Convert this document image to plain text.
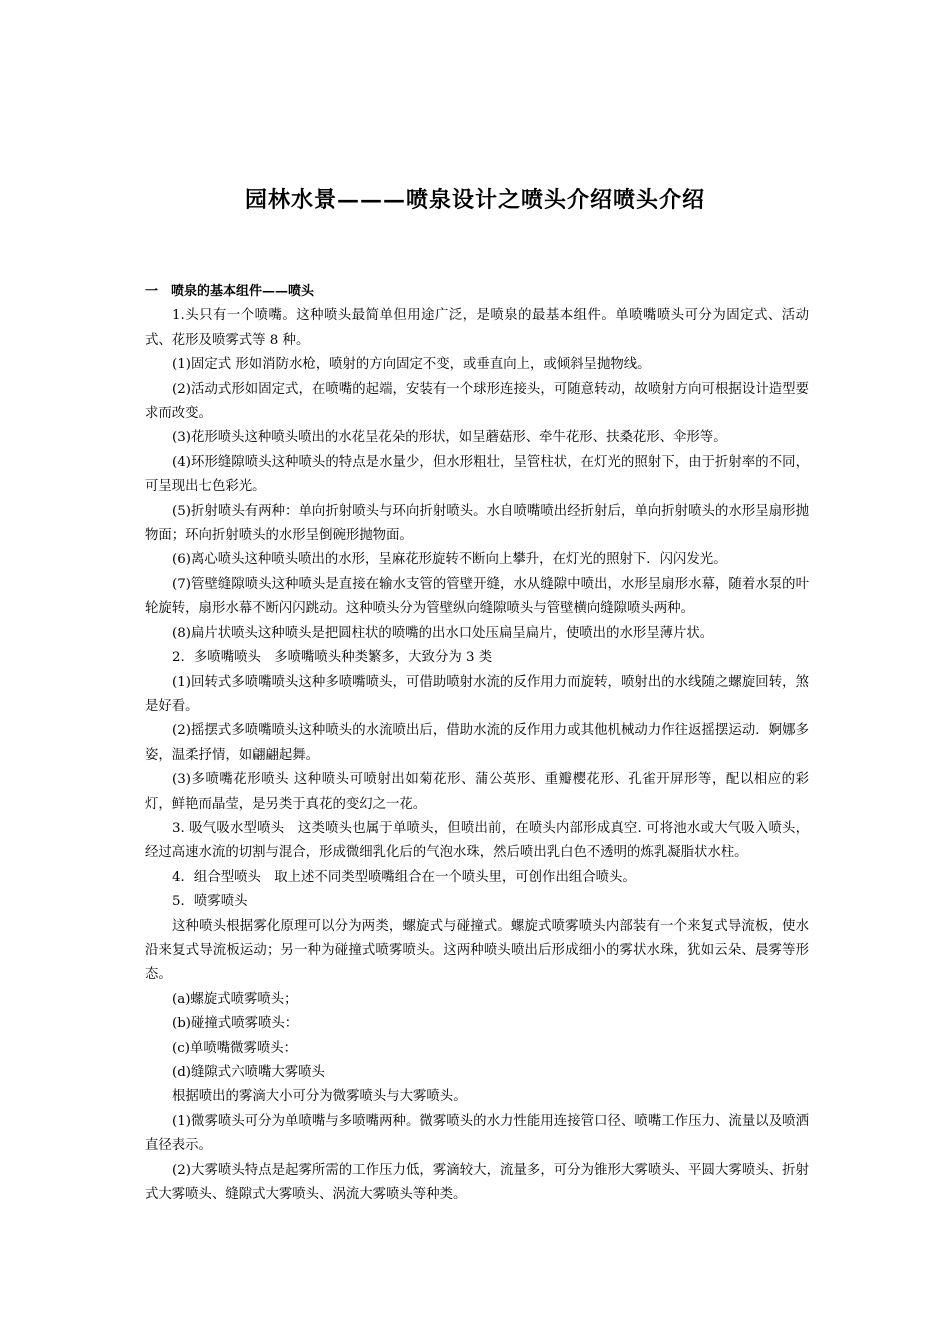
园林水景———喷泉设计之喷头介绍喷头介绍

一　喷泉的基本组件——喷头

1.头只有一个喷嘴。这种喷头最简单但用途广泛，是喷泉的最基本组件。单喷嘴喷头可分为固定式、活动式、花形及喷雾式等 8 种。

(1)固定式 形如消防水枪，喷射的方向固定不变，或垂直向上，或倾斜呈抛物线。

(2)活动式形如固定式，在喷嘴的起端，安装有一个球形连接头，可随意转动，故喷射方向可根据设计造型要求而改变。

(3)花形喷头这种喷头喷出的水花呈花朵的形状，如呈蘑菇形、牵牛花形、扶桑花形、伞形等。

(4)环形缝隙喷头这种喷头的特点是水量少，但水形粗壮，呈管柱状，在灯光的照射下，由于折射率的不同，可呈现出七色彩光。

(5)折射喷头有两种：单向折射喷头与环向折射喷头。水自喷嘴喷出经折射后，单向折射喷头的水形呈扇形抛物面；环向折射喷头的水形呈倒碗形抛物面。

(6)离心喷头这种喷头喷出的水形，呈麻花形旋转不断向上攀升，在灯光的照射下．闪闪发光。

(7)管壁缝隙喷头这种喷头是直接在输水支管的管壁开缝，水从缝隙中喷出，水形呈扇形水幕，随着水泵的叶轮旋转，扇形水幕不断闪闪跳动。这种喷头分为管壁纵向缝隙喷头与管壁横向缝隙喷头两种。

(8)扁片状喷头这种喷头是把圆柱状的喷嘴的出水口处压扁呈扁片，使喷出的水形呈薄片状。

2．多喷嘴喷头　多喷嘴喷头种类繁多，大致分为 3 类

(1)回转式多喷嘴喷头这种多喷嘴喷头，可借助喷射水流的反作用力而旋转，喷射出的水线随之螺旋回转，煞是好看。

(2)摇摆式多喷嘴喷头这种喷头的水流喷出后，借助水流的反作用力或其他机械动力作往返摇摆运动．婀娜多姿，温柔抒情，如翩翩起舞。

(3)多喷嘴花形喷头 这种喷头可喷射出如菊花形、蒲公英形、重瓣樱花形、孔雀开屏形等，配以相应的彩灯，鲜艳而晶莹，是另类于真花的变幻之一花。

3. 吸气吸水型喷头　这类喷头也属于单喷头，但喷出前，在喷头内部形成真空. 可将池水或大气吸入喷头，经过高速水流的切割与混合，形成微细乳化后的气泡水珠，然后喷出乳白色不透明的炼乳凝脂状水柱。

4．组合型喷头　取上述不同类型喷嘴组合在一个喷头里，可创作出组合喷头。

5．喷雾喷头

这种喷头根据雾化原理可以分为两类，螺旋式与碰撞式。螺旋式喷雾喷头内部装有一个来复式导流板，使水沿来复式导流板运动；另一种为碰撞式喷雾喷头。这两种喷头喷出后形成细小的雾状水珠，犹如云朵、晨雾等形态。

(a)螺旋式喷雾喷头；

(b)碰撞式喷雾喷头：

(c)单喷嘴微雾喷头：

(d)缝隙式六喷嘴大雾喷头

根据喷出的雾滴大小可分为微雾喷头与大雾喷头。

(1)微雾喷头可分为单喷嘴与多喷嘴两种。微雾喷头的水力性能用连接管口径、喷嘴工作压力、流量以及喷洒直径表示。

(2)大雾喷头特点是起雾所需的工作压力低，雾滴较大，流量多，可分为锥形大雾喷头、平圆大雾喷头、折射式大雾喷头、缝隙式大雾喷头、涡流大雾喷头等种类。
